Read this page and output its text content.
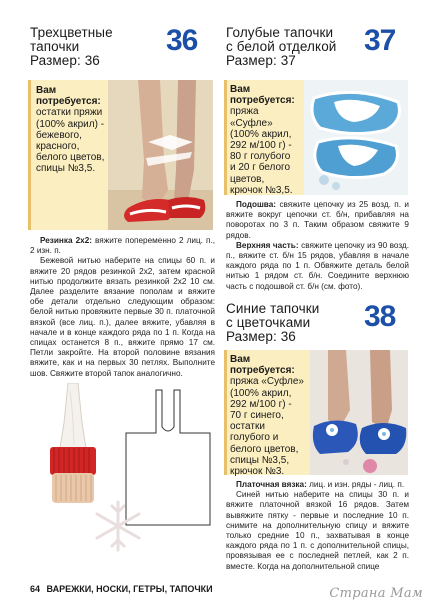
Трехцветные
тапочки
Размер: 36
36
Вам потребуется:
остатки пряжи
(100% акрил) -
бежевого,
красного,
белого цветов,
спицы №3,5.
Резинка 2х2: вяжите попеременно 2 лиц. п., 2 изн. п.
Бежевой нитью наберите на спицы 60 п. и вяжите 20 рядов резинкой 2х2, затем красной нитью продолжите вязать резинкой 2х2 10 см. Далее разделите вязание пополам и вяжите обе детали отдельно следующим образом: белой нитью провяжите первые 30 п. платочной вязкой (все лиц. п.), далее вяжите, убавляя в начале и в конце каждого ряда по 1 п. Когда на спицах останется 8 п., вяжите прямо 17 см. Петли закройте. На второй половине вязания вяжите, как и на первых 30 петлях. Выполните шов. Свяжите второй тапок аналогично.
Голубые тапочки
с белой отделкой
Размер: 37
37
Вам потребуется:
пряжа
«Суфле»
(100% акрил,
292 м/100 г) -
80 г голубого
и 20 г белого
цветов,
крючок №3,5.
Подошва: свяжите цепочку из 25 возд. п. и вяжите вокруг цепочки ст. б/н, прибавляя на поворотах по 3 п. Таким образом свяжите 9 рядов.
Верхняя часть: свяжите цепочку из 90 возд. п., вяжите ст. б/н 15 рядов, убавляя в начале каждого ряда по 1 п. Обвяжите деталь белой нитью 1 рядом ст. б/н. Соедините верхнюю часть с подошвой ст. б/н (см. фото).
Синие тапочки
с цветочками
Размер: 36
38
Вам потребуется:
пряжа «Суфле»
(100% акрил,
292 м/100 г) -
70 г синего,
остатки
голубого и
белого цветов,
спицы №3,5,
крючок №3.
Платочная вязка: лиц. и изн. ряды - лиц. п.
Синей нитью наберите на спицы 30 п. и вяжите платочной вязкой 16 рядов. Затем вывяжите пятку - первые и последние 10 п. снимите на дополнительную спицу и вяжите только средние 10 п., захватывая в конце каждого ряда по 1 п. с дополнительной спицы, провязывая ее с последней петлей, как 2 п. вместе. Когда на дополнительной спице
64 ВАРЕЖКИ, НОСКИ, ГЕТРЫ, ТАПОЧКИ	Страна Мам
